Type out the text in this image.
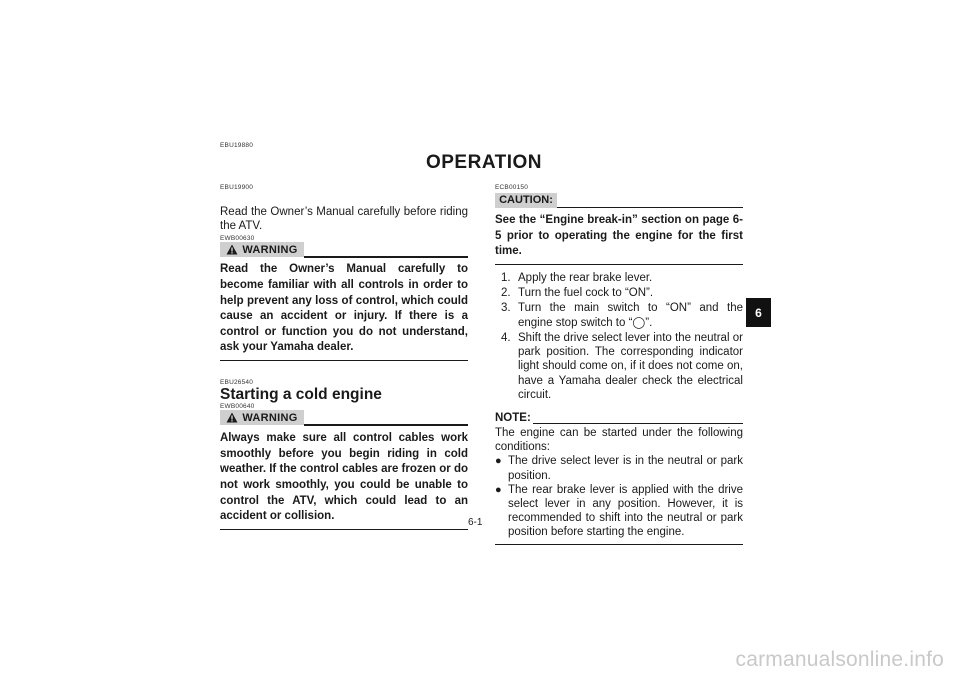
EBU19880
OPERATION
EBU19900
Read the Owner’s Manual carefully before riding the ATV.
EWB00630
WARNING
Read the Owner’s Manual carefully to become familiar with all controls in order to help prevent any loss of control, which could cause an accident or injury. If there is a control or function you do not understand, ask your Yamaha dealer.
EBU26540
Starting a cold engine
EWB00640
WARNING
Always make sure all control cables work smoothly before you begin riding in cold weather. If the control cables are frozen or do not work smoothly, you could be unable to control the ATV, which could lead to an accident or collision.
ECB00150
CAUTION:
See the “Engine break-in” section on page 6-5 prior to operating the engine for the first time.
1. Apply the rear brake lever.
2. Turn the fuel cock to “ON”.
3. Turn the main switch to “ON” and the engine stop switch to “◯”.
4. Shift the drive select lever into the neutral or park position. The corresponding indicator light should come on, if it does not come on, have a Yamaha dealer check the electrical circuit.
NOTE:
The engine can be started under the following conditions:
● The drive select lever is in the neutral or park position.
● The rear brake lever is applied with the drive select lever in any position. However, it is recommended to shift into the neutral or park position before starting the engine.
6-1
6
carmanualsonline.info
